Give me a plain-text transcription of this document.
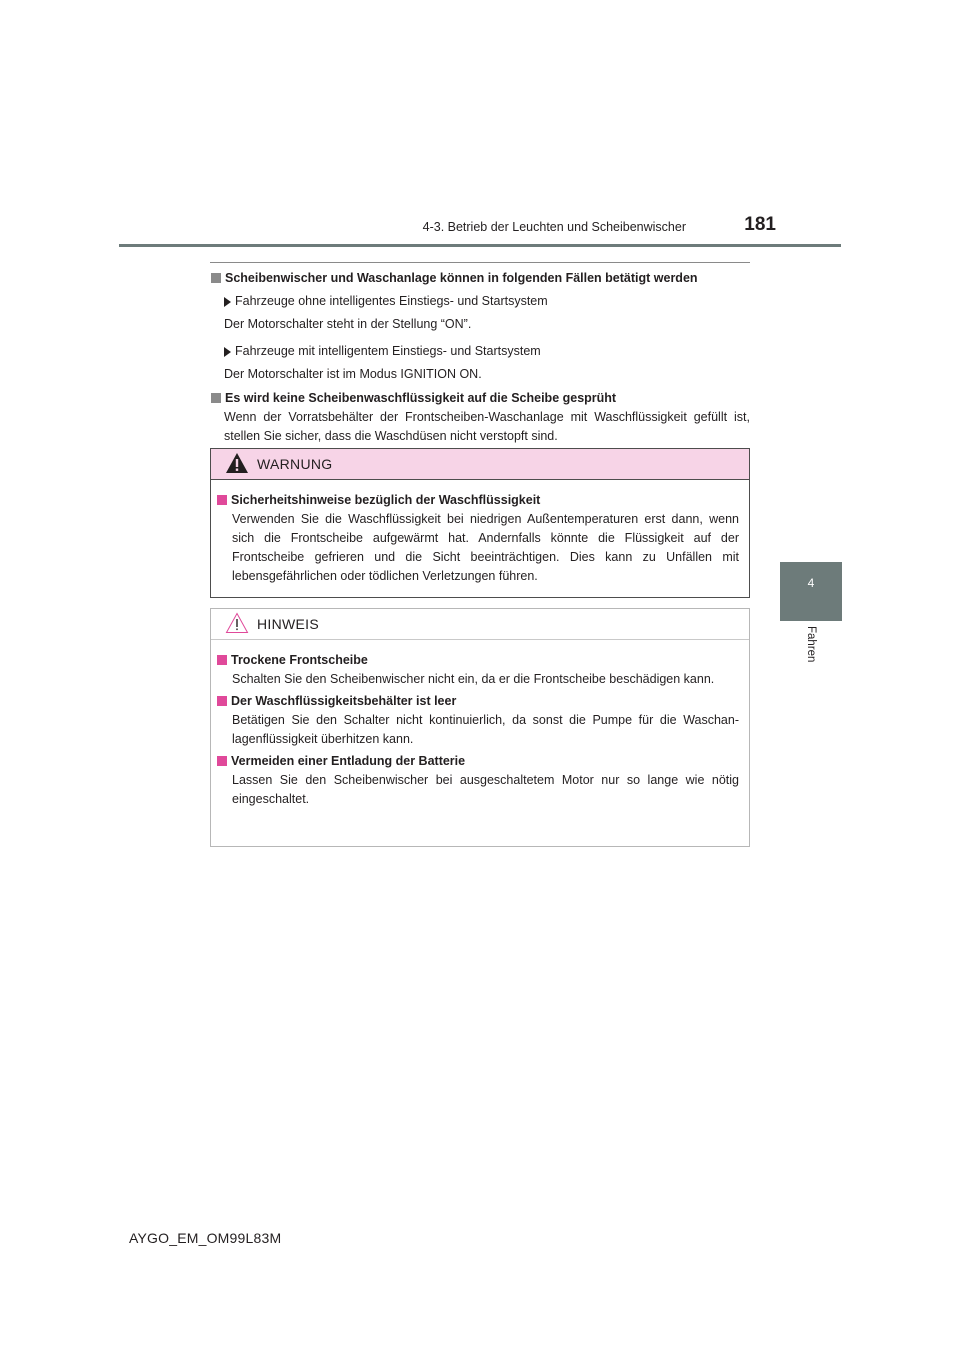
4-3. Betrieb der Leuchten und Scheibenwischer	181
4
Fahren
Scheibenwischer und Waschanlage können in folgenden Fällen betätigt werden
Fahrzeuge ohne intelligentes Einstiegs- und Startsystem

Der Motorschalter steht in der Stellung “ON”.

Fahrzeuge mit intelligentem Einstiegs- und Startsystem

Der Motorschalter ist im Modus IGNITION ON.

Es wird keine Scheibenwaschflüssigkeit auf die Scheibe gesprüht

Wenn der Vorratsbehälter der Frontscheiben-Waschanlage mit Waschflüssigkeit gefüllt ist, stellen Sie sicher, dass die Waschdüsen nicht verstopft sind.

WARNUNG
Sicherheitshinweise bezüglich der Waschflüssigkeit

Verwenden Sie die Waschflüssigkeit bei niedrigen Außentemperaturen erst dann, wenn sich die Frontscheibe aufgewärmt hat. Andernfalls könnte die Flüssigkeit auf der Frontscheibe gefrieren und die Sicht beeinträchtigen. Dies kann zu Unfällen mit lebensgefährlichen oder tödlichen Verletzungen führen.

HINWEIS
Trockene Frontscheibe

Schalten Sie den Scheibenwischer nicht ein, da er die Frontscheibe beschädigen kann.

Der Waschflüssigkeitsbehälter ist leer

Betätigen Sie den Schalter nicht kontinuierlich, da sonst die Pumpe für die Waschan-lagenflüssigkeit überhitzen kann.

Vermeiden einer Entladung der Batterie

Lassen Sie den Scheibenwischer bei ausgeschaltetem Motor nur so lange wie nötig eingeschaltet.

AYGO_EM_OM99L83M
